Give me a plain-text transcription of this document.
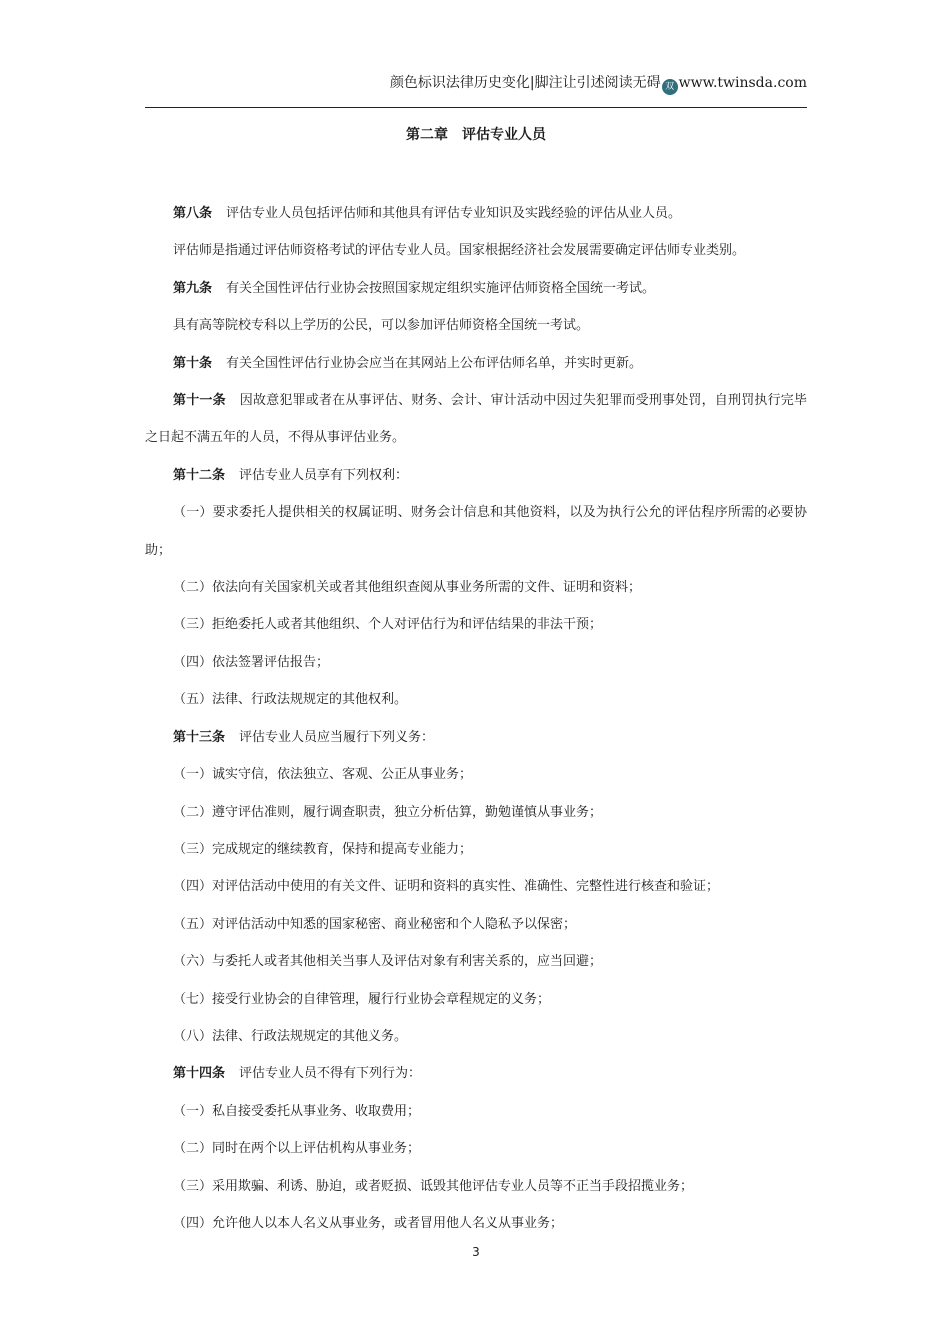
颜色标识法律历史变化|脚注让引述阅读无碍 双 www.twinsda.com
第二章　评估专业人员

第八条 评估专业人员包括评估师和其他具有评估专业知识及实践经验的评估从业人员。

评估师是指通过评估师资格考试的评估专业人员。国家根据经济社会发展需要确定评估师专业类别。

第九条 有关全国性评估行业协会按照国家规定组织实施评估师资格全国统一考试。

具有高等院校专科以上学历的公民，可以参加评估师资格全国统一考试。

第十条 有关全国性评估行业协会应当在其网站上公布评估师名单，并实时更新。

第十一条 因故意犯罪或者在从事评估、财务、会计、审计活动中因过失犯罪而受刑事处罚，自刑罚执行完毕之日起不满五年的人员，不得从事评估业务。

第十二条 评估专业人员享有下列权利：

（一）要求委托人提供相关的权属证明、财务会计信息和其他资料，以及为执行公允的评估程序所需的必要协助；

（二）依法向有关国家机关或者其他组织查阅从事业务所需的文件、证明和资料；

（三）拒绝委托人或者其他组织、个人对评估行为和评估结果的非法干预；

（四）依法签署评估报告；

（五）法律、行政法规规定的其他权利。

第十三条 评估专业人员应当履行下列义务：

（一）诚实守信，依法独立、客观、公正从事业务；

（二）遵守评估准则，履行调查职责，独立分析估算，勤勉谨慎从事业务；

（三）完成规定的继续教育，保持和提高专业能力；

（四）对评估活动中使用的有关文件、证明和资料的真实性、准确性、完整性进行核查和验证；

（五）对评估活动中知悉的国家秘密、商业秘密和个人隐私予以保密；

（六）与委托人或者其他相关当事人及评估对象有利害关系的，应当回避；

（七）接受行业协会的自律管理，履行行业协会章程规定的义务；

（八）法律、行政法规规定的其他义务。

第十四条 评估专业人员不得有下列行为：

（一）私自接受委托从事业务、收取费用；

（二）同时在两个以上评估机构从事业务；

（三）采用欺骗、利诱、胁迫，或者贬损、诋毁其他评估专业人员等不正当手段招揽业务；

（四）允许他人以本人名义从事业务，或者冒用他人名义从事业务；

3
